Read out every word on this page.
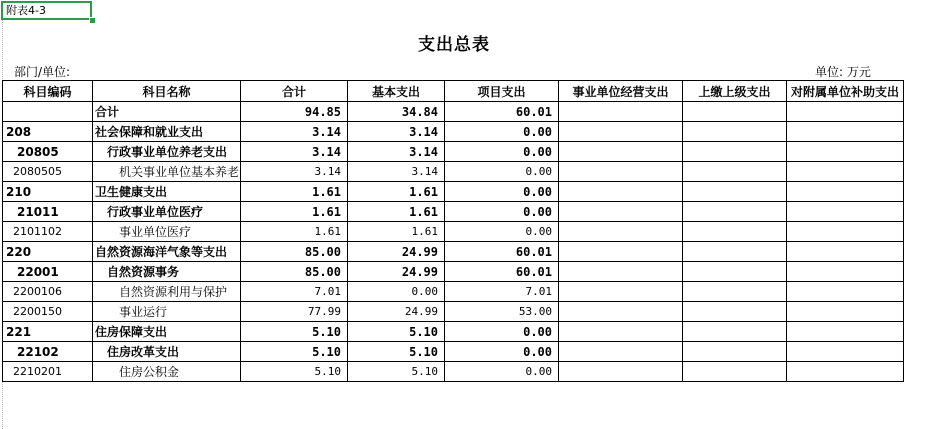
附表4-3
支出总表
部门/单位:	单位: 万元
科目编码	科目名称	合计	基本支出	项目支出	事业单位经营支出	上缴上级支出	对附属单位补助支出
	合计	94.85	34.84	60.01			
208	社会保障和就业支出	3.14	3.14	0.00			
20805	行政事业单位养老支出	3.14	3.14	0.00			
2080505	机关事业单位基本养老	3.14	3.14	0.00			
210	卫生健康支出	1.61	1.61	0.00			
21011	行政事业单位医疗	1.61	1.61	0.00			
2101102	事业单位医疗	1.61	1.61	0.00			
220	自然资源海洋气象等支出	85.00	24.99	60.01			
22001	自然资源事务	85.00	24.99	60.01			
2200106	自然资源利用与保护	7.01	0.00	7.01			
2200150	事业运行	77.99	24.99	53.00			
221	住房保障支出	5.10	5.10	0.00			
22102	住房改革支出	5.10	5.10	0.00			
2210201	住房公积金	5.10	5.10	0.00			
